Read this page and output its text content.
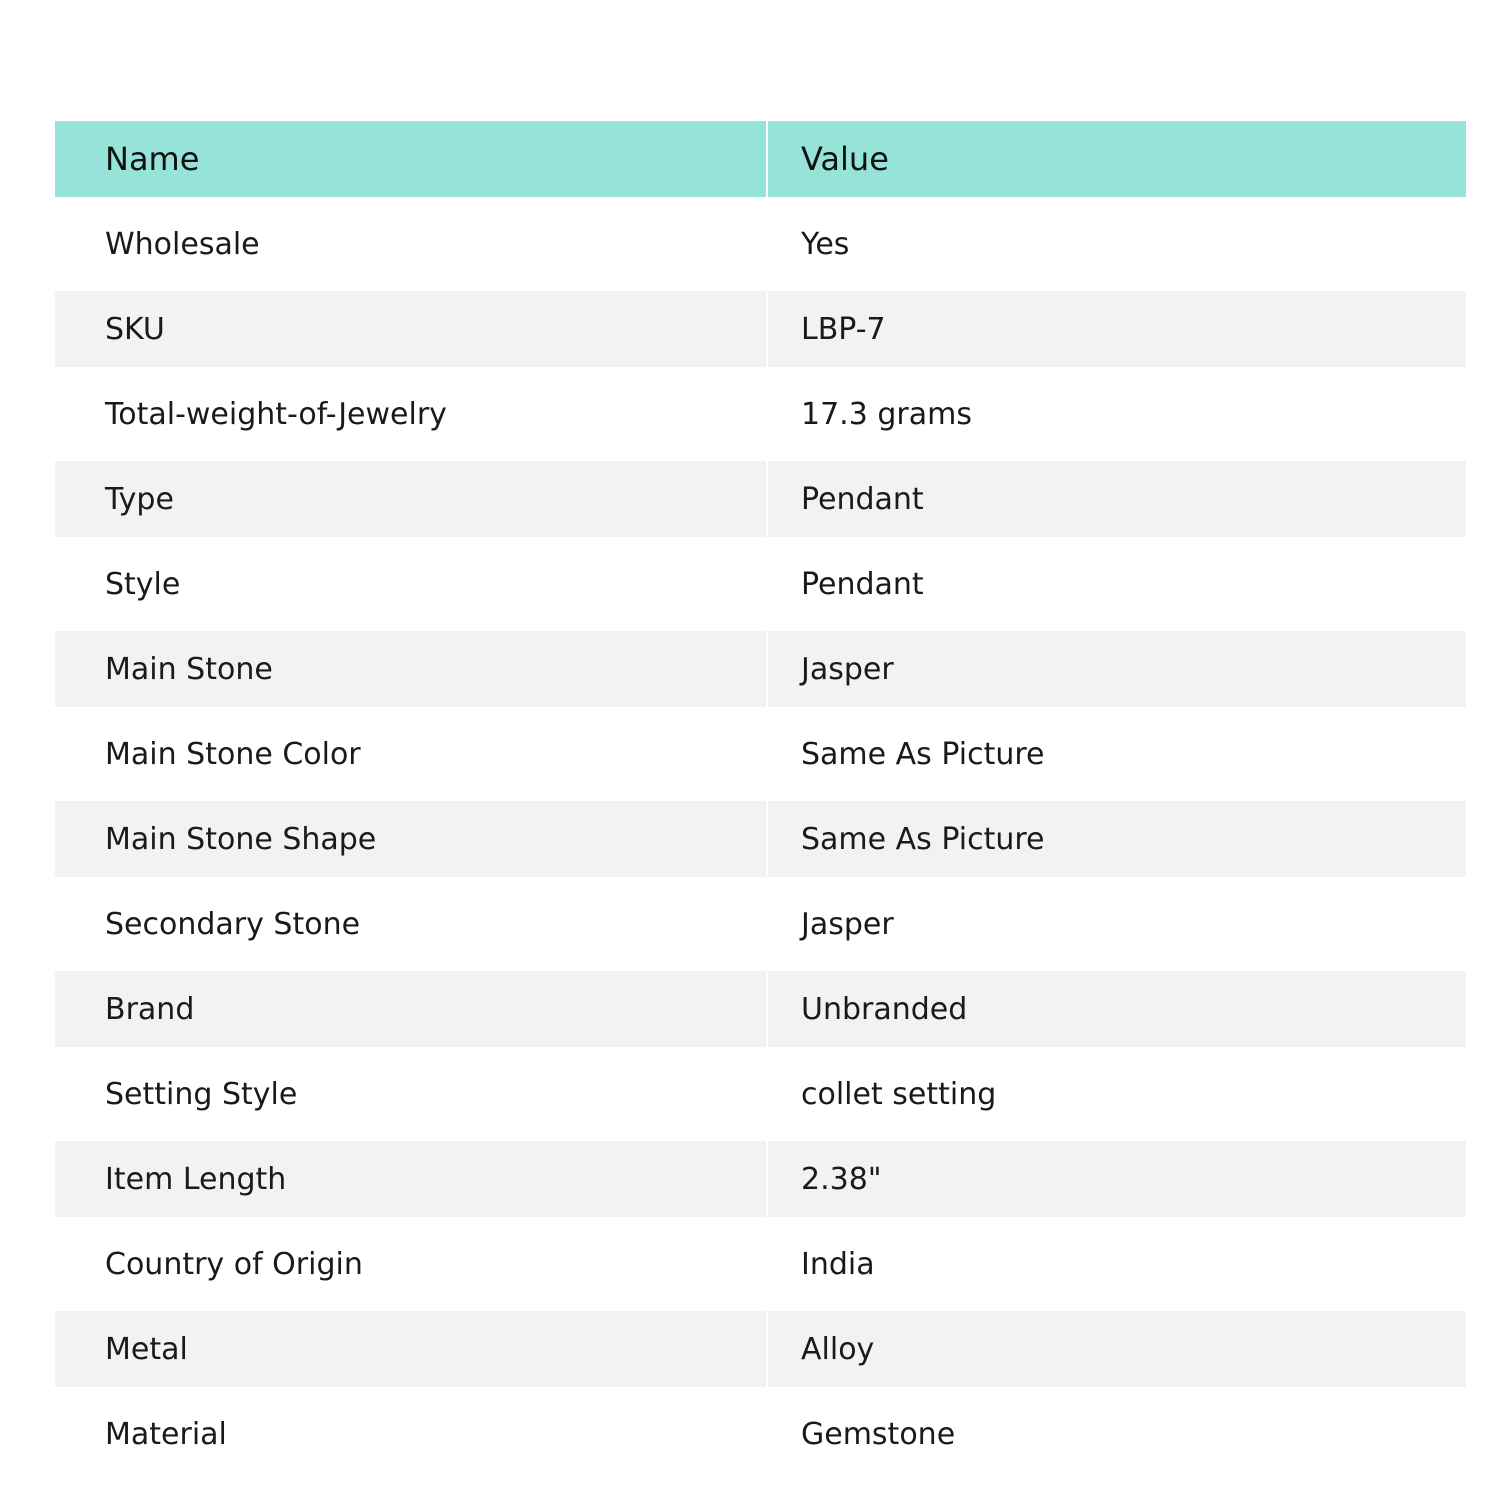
Name	Value
Wholesale	Yes
SKU	LBP-7
Total-weight-of-Jewelry	17.3 grams
Type	Pendant
Style	Pendant
Main Stone	Jasper
Main Stone Color	Same As Picture
Main Stone Shape	Same As Picture
Secondary Stone	Jasper
Brand	Unbranded
Setting Style	collet setting
Item Length	2.38"
Country of Origin	India
Metal	Alloy
Material	Gemstone
